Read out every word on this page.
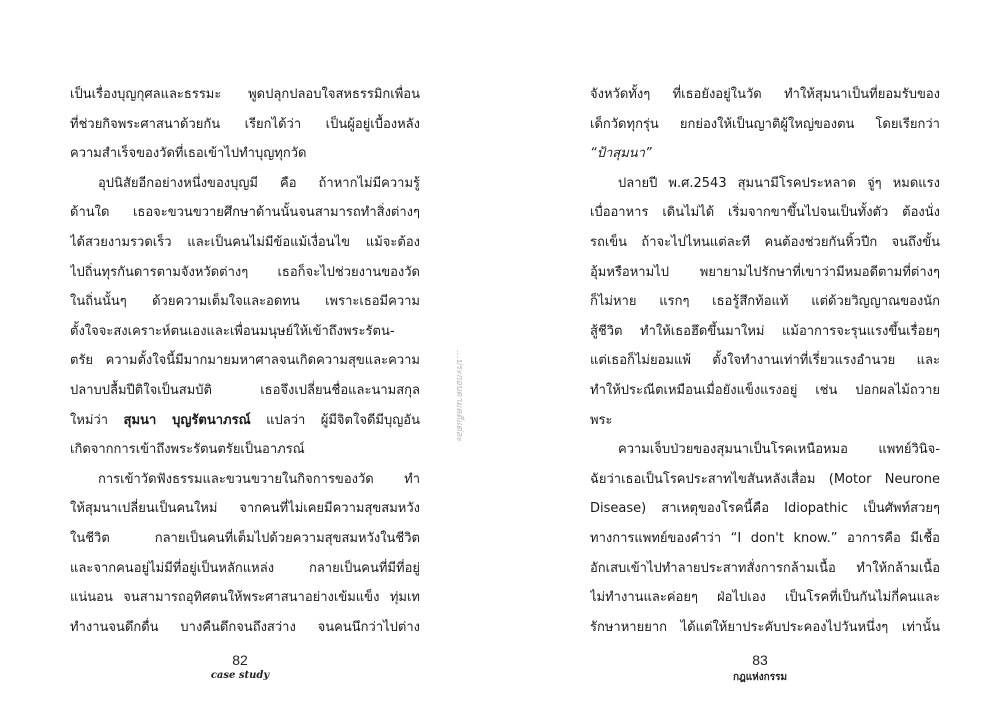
เป็นเรื่องบุญกุศลและธรรมะ พูดปลุกปลอบใจสหธรรมิกเพื่อน
ที่ช่วยกิจพระศาสนาด้วยกัน เรียกได้ว่า เป็นผู้อยู่เบื้องหลัง
ความสำเร็จของวัดที่เธอเข้าไปทำบุญทุกวัด
อุปนิสัยอีกอย่างหนึ่งของบุญมี คือ ถ้าหากไม่มีความรู้
ด้านใด เธอจะขวนขวายศึกษาด้านนั้นจนสามารถทำสิ่งต่างๆ
ได้สวยงามรวดเร็ว และเป็นคนไม่มีข้อแม้เงื่อนไข แม้จะต้อง
ไปถิ่นทุรกันดารตามจังหวัดต่างๆ เธอก็จะไปช่วยงานของวัด
ในถิ่นนั้นๆ ด้วยความเต็มใจและอดทน เพราะเธอมีความ
ตั้งใจจะสงเคราะห์ตนเองและเพื่อนมนุษย์ให้เข้าถึงพระรัตน-
ตรัย ความตั้งใจนี้มีมากมายมหาศาลจนเกิดความสุขและความ
ปลาบปลื้มปีติใจเป็นสมบัติ เธอจึงเปลี่ยนชื่อและนามสกุล
ใหม่ว่า สุมนา บุญรัตนาภรณ์ แปลว่า ผู้มีจิตใจดีมีบุญอัน
เกิดจากการเข้าถึงพระรัตนตรัยเป็นอาภรณ์
การเข้าวัดฟังธรรมและขวนขวายในกิจการของวัด ทำ
ให้สุมนาเปลี่ยนเป็นคนใหม่ จากคนที่ไม่เคยมีความสุขสมหวัง
ในชีวิต กลายเป็นคนที่เต็มไปด้วยความสุขสมหวังในชีวิต
และจากคนอยู่ไม่มีที่อยู่เป็นหลักแหล่ง กลายเป็นคนที่มีที่อยู่
แน่นอน จนสามารถอุทิศตนให้พระศาสนาอย่างเข้มแข็ง ทุ่มเท
ทำงานจนดึกดื่น บางคืนดึกจนถึงสว่าง จนคนนึกว่าไปต่าง
82
case study
...ประกอบตามคดีแต่ละ
จังหวัดทั้งๆ ที่เธอยังอยู่ในวัด ทำให้สุมนาเป็นที่ยอมรับของ
เด็กวัดทุกรุ่น ยกย่องให้เป็นญาติผู้ใหญ่ของตน โดยเรียกว่า
“ป้าสุมนา”
ปลายปี พ.ศ.2543 สุมนามีโรคประหลาด จู่ๆ หมดแรง
เบื่ออาหาร เดินไม่ได้ เริ่มจากขาขึ้นไปจนเป็นทั้งตัว ต้องนั่ง
รถเข็น ถ้าจะไปไหนแต่ละที คนต้องช่วยกันหิ้วปีก จนถึงขั้น
อุ้มหรือหามไป พยายามไปรักษาที่เขาว่ามีหมอดีตามที่ต่างๆ
ก็ไม่หาย แรกๆ เธอรู้สึกท้อแท้ แต่ด้วยวิญญาณของนัก
สู้ชีวิต ทำให้เธอฮึดขึ้นมาใหม่ แม้อาการจะรุนแรงขึ้นเรื่อยๆ
แต่เธอก็ไม่ยอมแพ้ ตั้งใจทำงานเท่าที่เรี่ยวแรงอำนวย และ
ทำให้ประณีตเหมือนเมื่อยังแข็งแรงอยู่ เช่น ปอกผลไม้ถวาย
พระ
ความเจ็บป่วยของสุมนาเป็นโรคเหนือหมอ แพทย์วินิจ-
ฉัยว่าเธอเป็นโรคประสาทไขสันหลังเสื่อม (Motor Neurone
Disease) สาเหตุของโรคนี้คือ Idiopathic เป็นศัพท์สวยๆ
ทางการแพทย์ของคำว่า “I don't know.” อาการคือ มีเชื้อ
อักเสบเข้าไปทำลายประสาทสั่งการกล้ามเนื้อ ทำให้กล้ามเนื้อ
ไม่ทำงานและค่อยๆ ฝ่อไปเอง เป็นโรคที่เป็นกันไม่กี่คนและ
รักษาหายยาก ได้แต่ให้ยาประคับประคองไปวันหนึ่งๆ เท่านั้น
83
กฎแห่งกรรม
